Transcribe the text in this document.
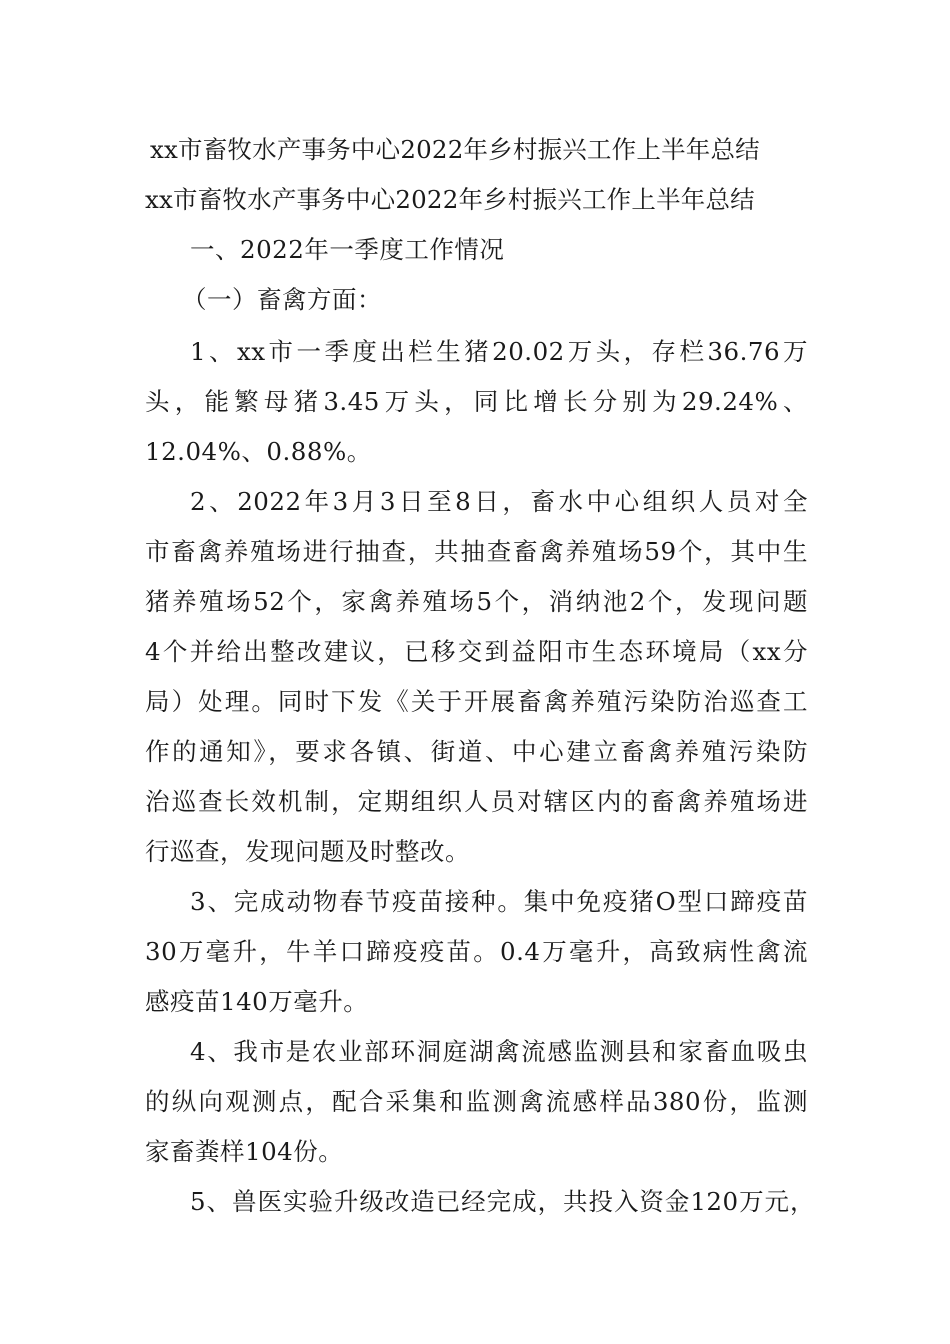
xx市畜牧水产事务中心2022年乡村振兴工作上半年总结
xx市畜牧水产事务中心2022年乡村振兴工作上半年总结
一、2022年一季度工作情况
（一）畜禽方面：
1、xx市一季度出栏生猪20.02万头，存栏36.76万
头，能繁母猪3.45万头，同比增长分别为29.24%、
12.04%、0.88%。
2、2022年3月3日至8日，畜水中心组织人员对全
市畜禽养殖场进行抽查，共抽查畜禽养殖场59个，其中生
猪养殖场52个，家禽养殖场5个，消纳池2个，发现问题
4个并给出整改建议，已移交到益阳市生态环境局（xx分
局）处理。同时下发《关于开展畜禽养殖污染防治巡查工
作的通知》，要求各镇、街道、中心建立畜禽养殖污染防
治巡查长效机制，定期组织人员对辖区内的畜禽养殖场进
行巡查，发现问题及时整改。
3、完成动物春节疫苗接种。集中免疫猪O型口蹄疫苗
30万毫升，牛羊口蹄疫疫苗。0.4万毫升，高致病性禽流
感疫苗140万毫升。
4、我市是农业部环洞庭湖禽流感监测县和家畜血吸虫
的纵向观测点，配合采集和监测禽流感样品380份，监测
家畜粪样104份。
5、兽医实验升级改造已经完成，共投入资金120万元，
